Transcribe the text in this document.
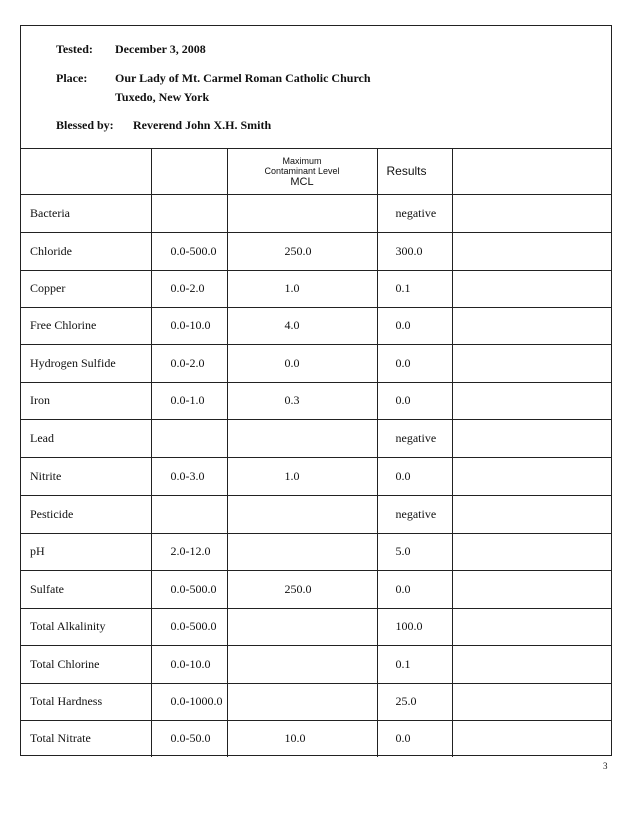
Tested: December 3, 2008
Place: Our Lady of Mt. Carmel Roman Catholic Church
Tuxedo, New York
Blessed by: Reverend John X.H. Smith

		Maximum
Contaminant Level
MCL	Results	
Bacteria			negative	
Chloride	0.0-500.0	250.0	300.0	
Copper	0.0-2.0	1.0	0.1	
Free Chlorine	0.0-10.0	4.0	0.0	
Hydrogen Sulfide	0.0-2.0	0.0	0.0	
Iron	0.0-1.0	0.3	0.0	
Lead			negative	
Nitrite	0.0-3.0	1.0	0.0	
Pesticide			negative	
pH	2.0-12.0		5.0	
Sulfate	0.0-500.0	250.0	0.0	
Total Alkalinity	0.0-500.0		100.0	
Total Chlorine	0.0-10.0		0.1	
Total Hardness	0.0-1000.0		25.0	
Total Nitrate	0.0-50.0	10.0	0.0	
3
